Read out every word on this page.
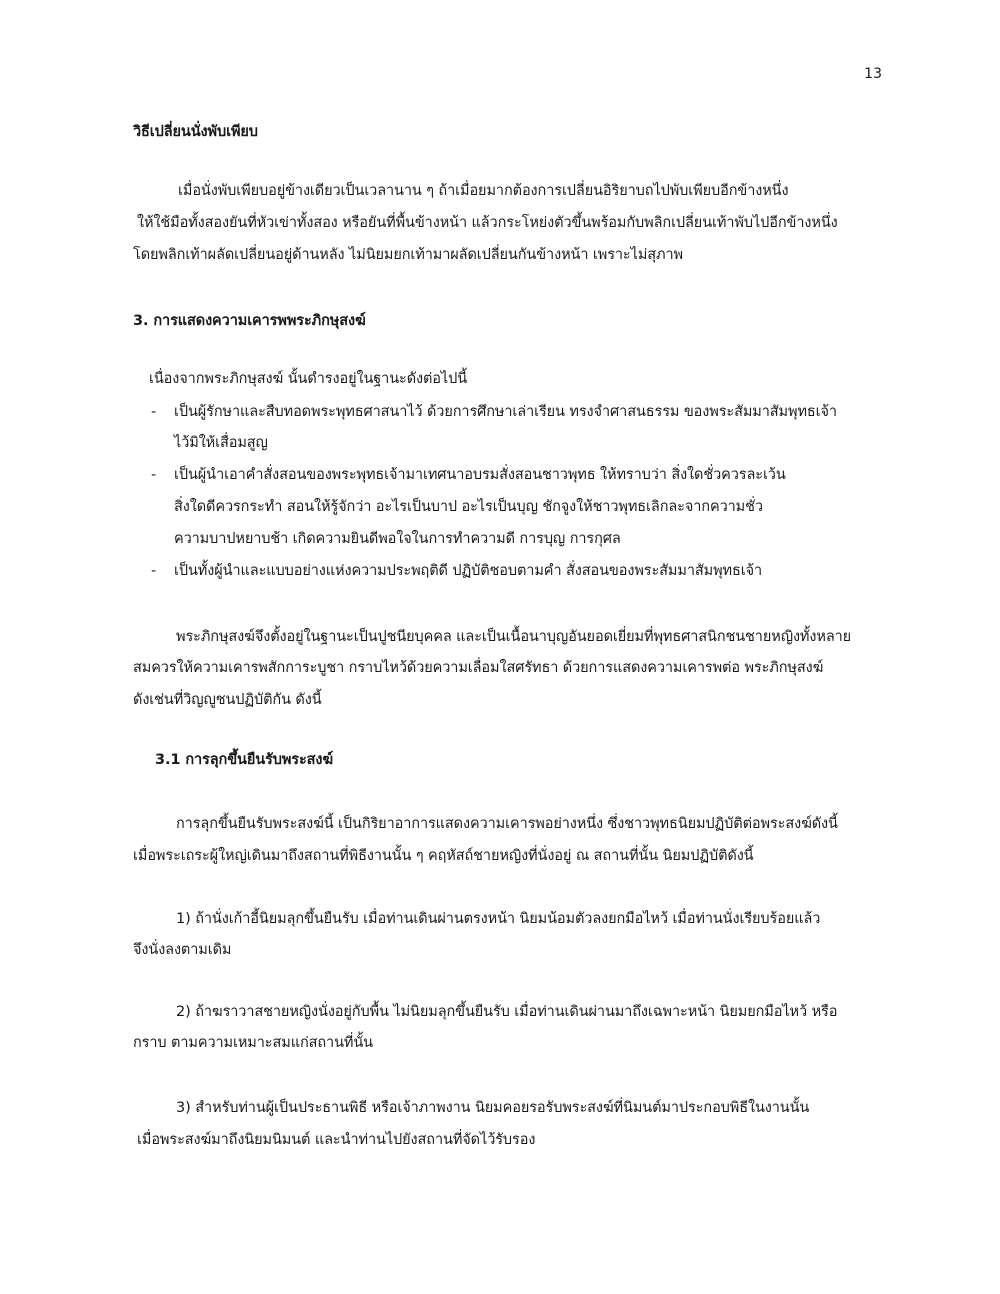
13
วิธีเปลี่ยนนั่งพับเพียบ
เมื่อนั่งพับเพียบอยู่ข้างเดียวเป็นเวลานาน ๆ ถ้าเมื่อยมากต้องการเปลี่ยนอิริยาบถไปพับเพียบอีกข้างหนึ่ง
ให้ใช้มือทั้งสองยันที่หัวเข่าทั้งสอง หรือยันที่พื้นข้างหน้า แล้วกระโหย่งตัวขึ้นพร้อมกับพลิกเปลี่ยนเท้าพับไปอีกข้างหนึ่ง
โดยพลิกเท้าผลัดเปลี่ยนอยู่ด้านหลัง ไม่นิยมยกเท้ามาผลัดเปลี่ยนกันข้างหน้า เพราะไม่สุภาพ
3. การแสดงความเคารพพระภิกษุสงฆ์
เนื่องจากพระภิกษุสงฆ์ นั้นดำรงอยู่ในฐานะดังต่อไปนี้
- เป็นผู้รักษาและสืบทอดพระพุทธศาสนาไว้ ด้วยการศึกษาเล่าเรียน ทรงจำศาสนธรรม ของพระสัมมาสัมพุทธเจ้า
ไว้มิให้เสื่อมสูญ
- เป็นผู้นำเอาคำสั่งสอนของพระพุทธเจ้ามาเทศนาอบรมสั่งสอนชาวพุทธ ให้ทราบว่า สิ่งใดชั่วควรละเว้น
สิ่งใดดีควรกระทำ สอนให้รู้จักว่า อะไรเป็นบาป อะไรเป็นบุญ ชักจูงให้ชาวพุทธเลิกละจากความชั่ว
ความบาปหยาบช้า เกิดความยินดีพอใจในการทำความดี การบุญ การกุศล
- เป็นทั้งผู้นำและแบบอย่างแห่งความประพฤติดี ปฏิบัติชอบตามคำ สั่งสอนของพระสัมมาสัมพุทธเจ้า
พระภิกษุสงฆ์จึงตั้งอยู่ในฐานะเป็นปูชนียบุคคล และเป็นเนื้อนาบุญอันยอดเยี่ยมที่พุทธศาสนิกชนชายหญิงทั้งหลาย
สมควรให้ความเคารพสักการะบูชา กราบไหว้ด้วยความเลื่อมใสศรัทธา ด้วยการแสดงความเคารพต่อ พระภิกษุสงฆ์
ดังเช่นที่วิญญูชนปฏิบัติกัน ดังนี้
3.1 การลุกขึ้นยืนรับพระสงฆ์
การลุกขึ้นยืนรับพระสงฆ์นี้ เป็นกิริยาอาการแสดงความเคารพอย่างหนึ่ง ซึ่งชาวพุทธนิยมปฏิบัติต่อพระสงฆ์ดังนี้
เมื่อพระเถระผู้ใหญ่เดินมาถึงสถานที่พิธีงานนั้น ๆ คฤหัสถ์ชายหญิงที่นั่งอยู่ ณ สถานที่นั้น นิยมปฏิบัติดังนี้
1) ถ้านั่งเก้าอี้นิยมลุกขึ้นยืนรับ เมื่อท่านเดินผ่านตรงหน้า นิยมน้อมตัวลงยกมือไหว้ เมื่อท่านนั่งเรียบร้อยแล้ว
จึงนั่งลงตามเดิม
2) ถ้าฆราวาสชายหญิงนั่งอยู่กับพื้น ไม่นิยมลุกขึ้นยืนรับ เมื่อท่านเดินผ่านมาถึงเฉพาะหน้า นิยมยกมือไหว้ หรือ
กราบ ตามความเหมาะสมแก่สถานที่นั้น
3) สำหรับท่านผู้เป็นประธานพิธี หรือเจ้าภาพงาน นิยมคอยรอรับพระสงฆ์ที่นิมนต์มาประกอบพิธีในงานนั้น
เมื่อพระสงฆ์มาถึงนิยมนิมนต์ และนำท่านไปยังสถานที่จัดไว้รับรอง
